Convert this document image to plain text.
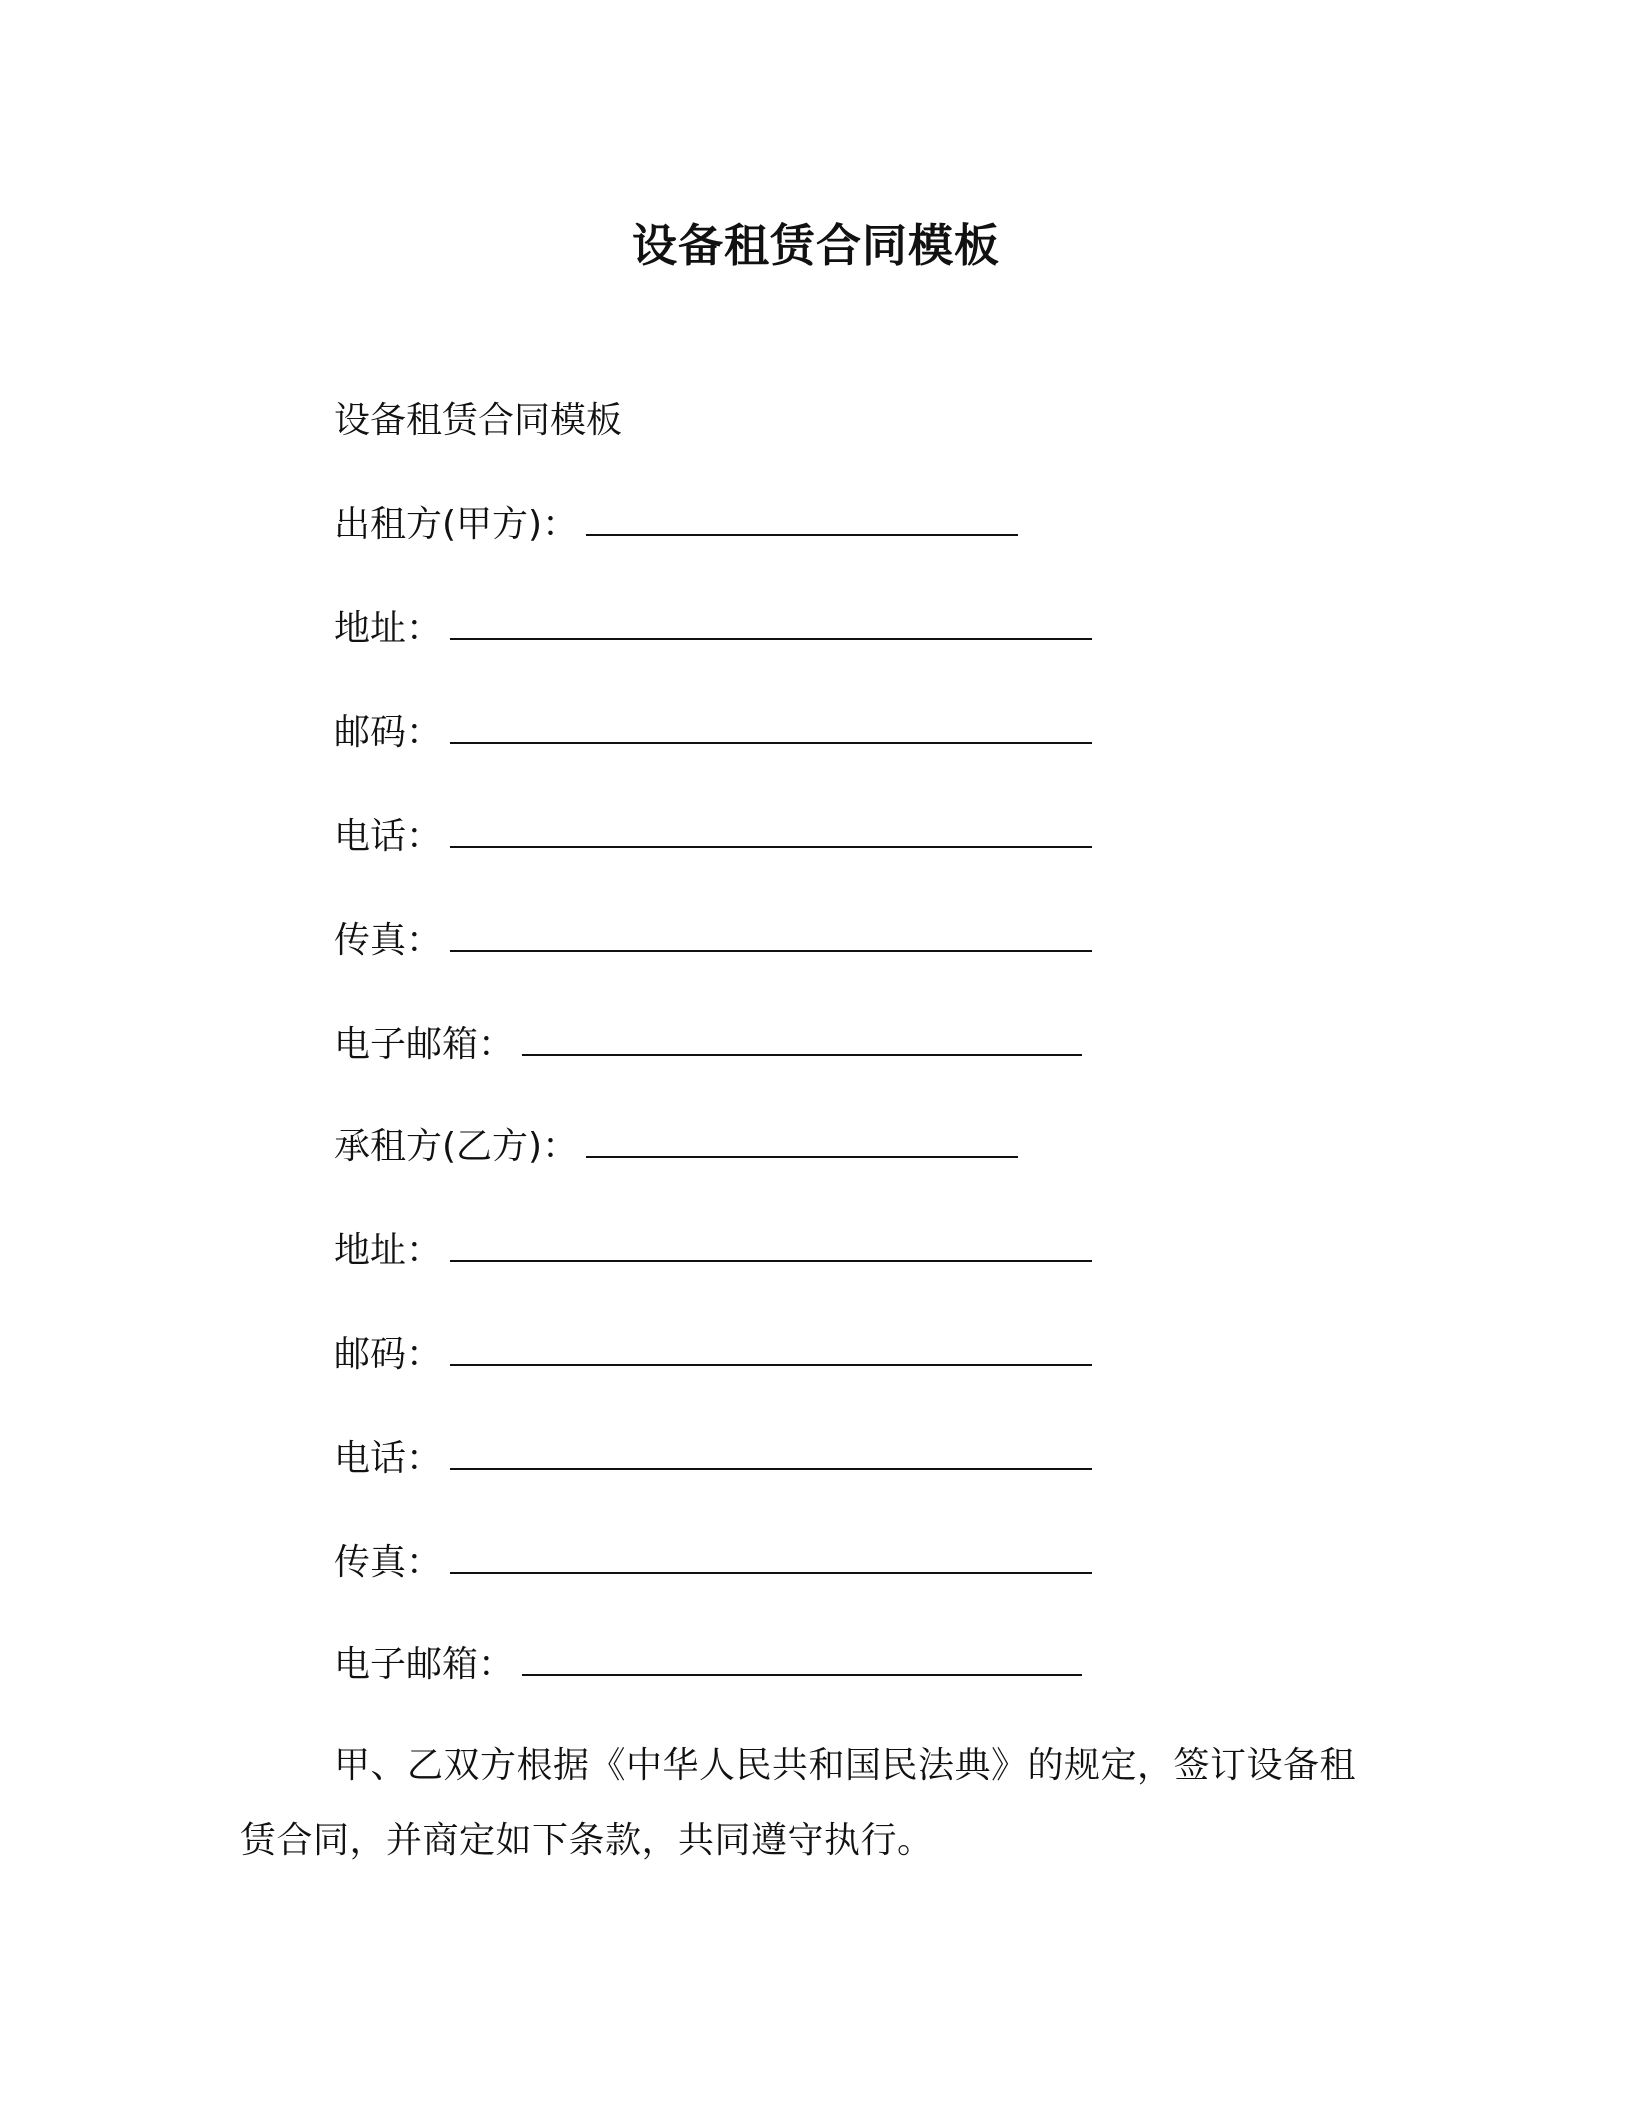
设备租赁合同模板
设备租赁合同模板
出租方(甲方)：
地址：
邮码：
电话：
传真：
电子邮箱：
承租方(乙方)：
地址：
邮码：
电话：
传真：
电子邮箱：
甲、乙双方根据《中华人民共和国民法典》的规定，签订设备租赁合同，并商定如下条款，共同遵守执行。
